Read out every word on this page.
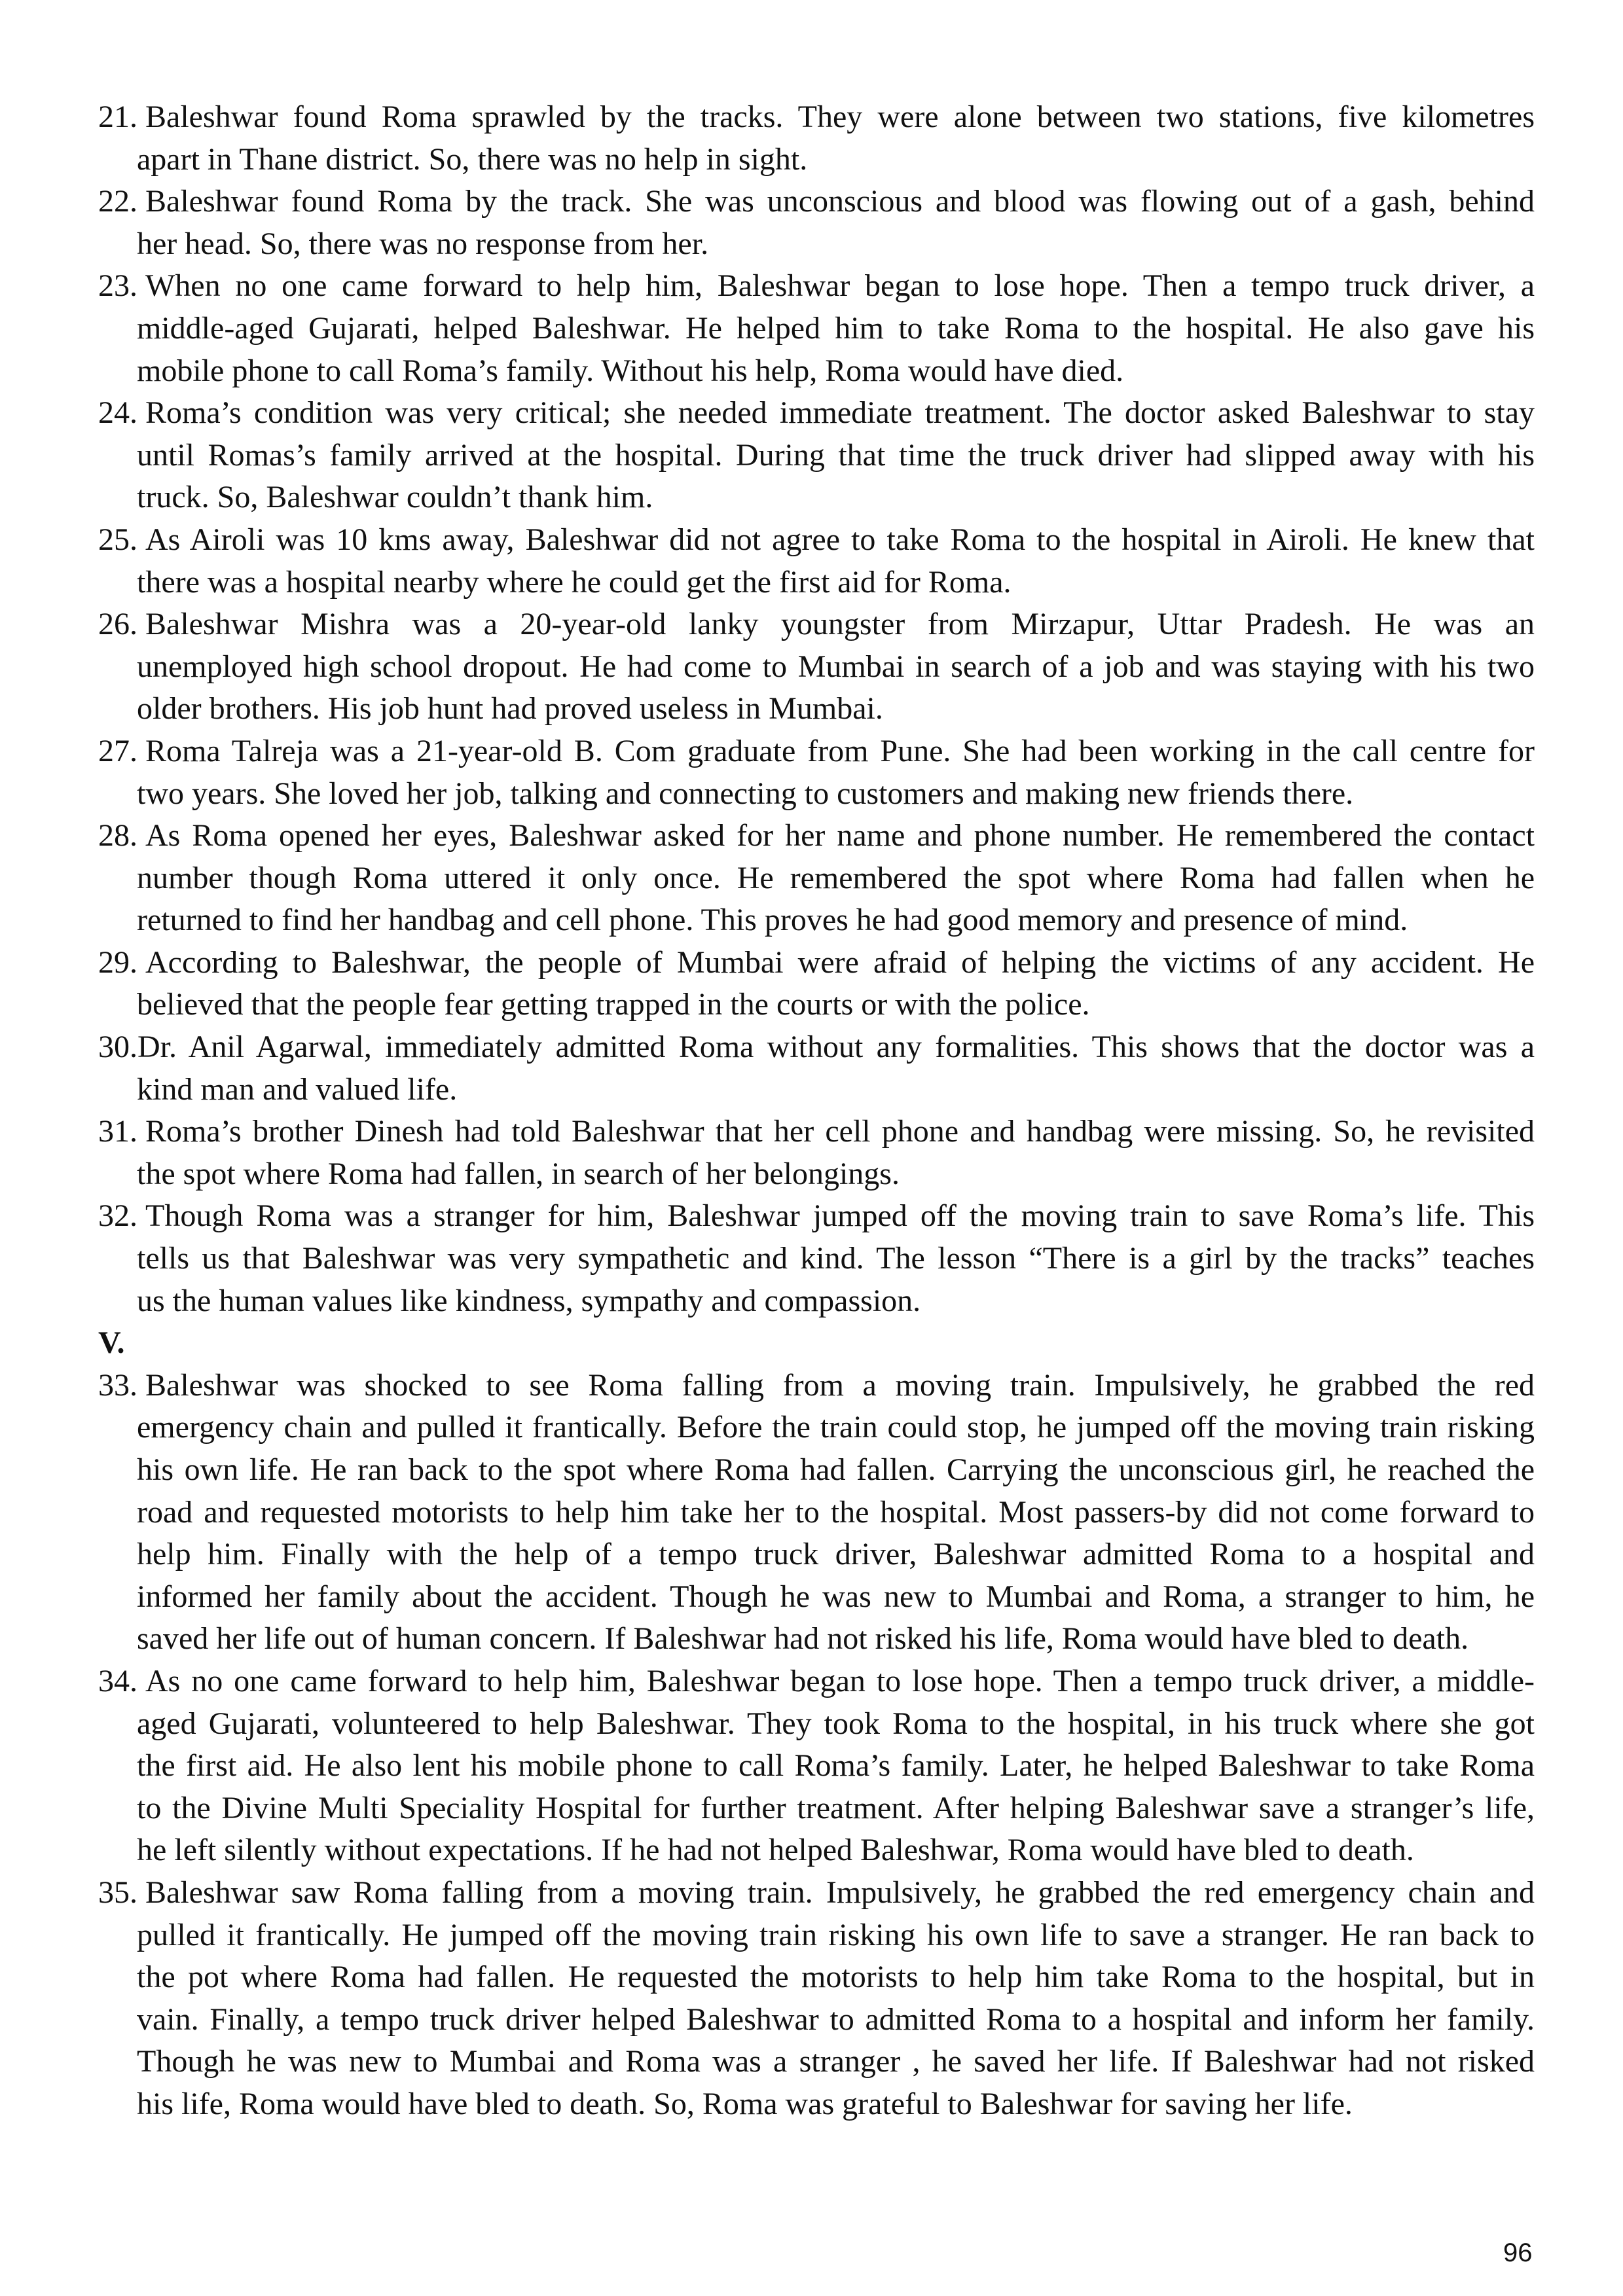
21. Baleshwar found Roma sprawled by the tracks. They were alone between two stations, five kilometres
apart in Thane district. So, there was no help in sight.
22. Baleshwar found Roma by the track. She was unconscious and blood was flowing out of a gash, behind
her head. So, there was no response from her.
23. When no one came forward to help him, Baleshwar began to lose hope. Then a tempo truck driver, a
middle-aged Gujarati, helped Baleshwar. He helped him to take Roma to the hospital. He also gave his
mobile phone to call Roma’s family. Without his help, Roma would have died.
24. Roma’s condition was very critical; she needed immediate treatment. The doctor asked Baleshwar to stay
until Romas’s family arrived at the hospital. During that time the truck driver had slipped away with his
truck. So, Baleshwar couldn’t thank him.
25. As Airoli was 10 kms away, Baleshwar did not agree to take Roma to the hospital in Airoli. He knew that
there was a hospital nearby where he could get the first aid for Roma.
26. Baleshwar Mishra was a 20-year-old lanky youngster from Mirzapur, Uttar Pradesh. He was an
unemployed high school dropout. He had come to Mumbai in search of a job and was staying with his two
older brothers. His job hunt had proved useless in Mumbai.
27. Roma Talreja was a 21-year-old B. Com graduate from Pune. She had been working in the call centre for
two years. She loved her job, talking and connecting to customers and making new friends there.
28. As Roma opened her eyes, Baleshwar asked for her name and phone number. He remembered the contact
number though Roma uttered it only once. He remembered the spot where Roma had fallen when he
returned to find her handbag and cell phone. This proves he had good memory and presence of mind.
29. According to Baleshwar, the people of Mumbai were afraid of helping the victims of any accident. He
believed that the people fear getting trapped in the courts or with the police.
30.Dr. Anil Agarwal, immediately admitted Roma without any formalities. This shows that the doctor was a
kind man and valued life.
31. Roma’s brother Dinesh had told Baleshwar that her cell phone and handbag were missing. So, he revisited
the spot where Roma had fallen, in search of her belongings.
32. Though Roma was a stranger for him, Baleshwar jumped off the moving train to save Roma’s life. This
tells us that Baleshwar was very sympathetic and kind. The lesson “There is a girl by the tracks” teaches
us the human values like kindness, sympathy and compassion.
V.
33. Baleshwar was shocked to see Roma falling from a moving train. Impulsively, he grabbed the red
emergency chain and pulled it frantically. Before the train could stop, he jumped off the moving train risking
his own life. He ran back to the spot where Roma had fallen. Carrying the unconscious girl, he reached the
road and requested motorists to help him take her to the hospital. Most passers-by did not come forward to
help him. Finally with the help of a tempo truck driver, Baleshwar admitted Roma to a hospital and
informed her family about the accident. Though he was new to Mumbai and Roma, a stranger to him, he
saved her life out of human concern. If Baleshwar had not risked his life, Roma would have bled to death.
34. As no one came forward to help him, Baleshwar began to lose hope. Then a tempo truck driver, a middle-
aged Gujarati, volunteered to help Baleshwar. They took Roma to the hospital, in his truck where she got
the first aid. He also lent his mobile phone to call Roma’s family. Later, he helped Baleshwar to take Roma
to the Divine Multi Speciality Hospital for further treatment. After helping Baleshwar save a stranger’s life,
he left silently without expectations. If he had not helped Baleshwar, Roma would have bled to death.
35. Baleshwar saw Roma falling from a moving train. Impulsively, he grabbed the red emergency chain and
pulled it frantically. He jumped off the moving train risking his own life to save a stranger. He ran back to
the pot where Roma had fallen. He requested the motorists to help him take Roma to the hospital, but in
vain. Finally, a tempo truck driver helped Baleshwar to admitted Roma to a hospital and inform her family.
Though he was new to Mumbai and Roma was a stranger , he saved her life. If Baleshwar had not risked
his life, Roma would have bled to death. So, Roma was grateful to Baleshwar for saving her life.
96
